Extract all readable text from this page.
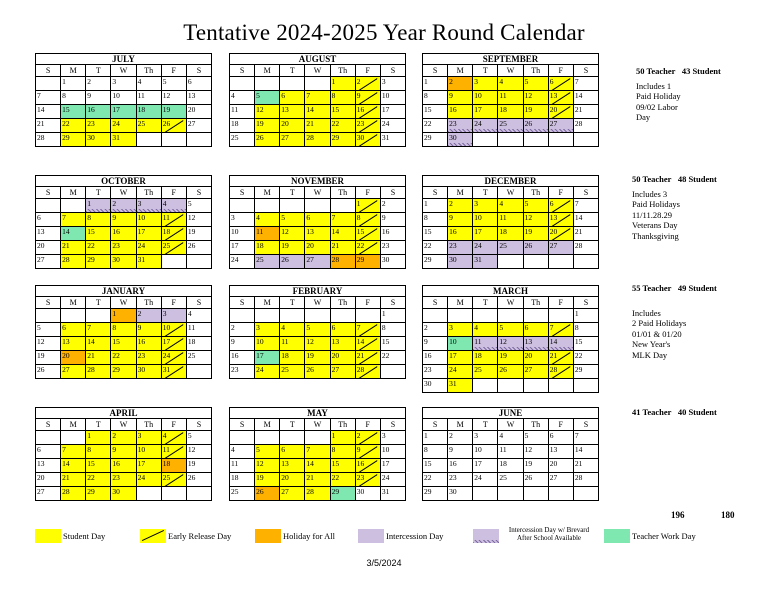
Tentative 2024-2025 Year Round Calendar
JULY
S	M	T	W	Th	F	S
	1	2	3	4	5	6
7	8	9	10	11	12	13
14	15	16	17	18	19	20
21	22	23	24	25	26	27
28	29	30	31			
AUGUST
S	M	T	W	Th	F	S
				1	2	3
4	5	6	7	8	9	10
11	12	13	14	15	16	17
18	19	20	21	22	23	24
25	26	27	28	29	30	31
SEPTEMBER
S	M	T	W	Th	F	S
1	2	3	4	5	6	7
8	9	10	11	12	13	14
15	16	17	18	19	20	21
22	23	24	25	26	27	28
29	30					
OCTOBER
S	M	T	W	Th	F	S
		1	2	3	4	5
6	7	8	9	10	11	12
13	14	15	16	17	18	19
20	21	22	23	24	25	26
27	28	29	30	31		
NOVEMBER
S	M	T	W	Th	F	S
					1	2
3	4	5	6	7	8	9
10	11	12	13	14	15	16
17	18	19	20	21	22	23
24	25	26	27	28	29	30
DECEMBER
S	M	T	W	Th	F	S
1	2	3	4	5	6	7
8	9	10	11	12	13	14
15	16	17	18	19	20	21
22	23	24	25	26	27	28
29	30	31				
JANUARY
S	M	T	W	Th	F	S
			1	2	3	4
5	6	7	8	9	10	11
12	13	14	15	16	17	18
19	20	21	22	23	24	25
26	27	28	29	30	31	
FEBRUARY
S	M	T	W	Th	F	S
						1
2	3	4	5	6	7	8
9	10	11	12	13	14	15
16	17	18	19	20	21	22
23	24	25	26	27	28	
MARCH
S	M	T	W	Th	F	S
						1
2	3	4	5	6	7	8
9	10	11	12	13	14	15
16	17	18	19	20	21	22
23	24	25	26	27	28	29
30	31					
APRIL
S	M	T	W	Th	F	S
		1	2	3	4	5
6	7	8	9	10	11	12
13	14	15	16	17	18	19
20	21	22	23	24	25	26
27	28	29	30			
MAY
S	M	T	W	Th	F	S
				1	2	3
4	5	6	7	8	9	10
11	12	13	14	15	16	17
18	19	20	21	22	23	24
25	26	27	28	29	30	31
JUNE
S	M	T	W	Th	F	S
1	2	3	4	5	6	7
8	9	10	11	12	13	14
15	16	17	18	19	20	21
22	23	24	25	26	27	28
29	30					
50 Teacher 43 Student
Includes 1
Paid Holiday
09/02 Labor
Day
50 Teacher 48 Student
Includes 3
Paid Holidays
11/11.28.29
Veterans Day
Thanksgiving
55 Teacher 49 Student
Includes
2 Paid Holidays
01/01 & 01/20
New Year's
MLK Day
41 Teacher 40 Student
196	180
Student Day	Early Release Day	Holiday for All	Intercession Day
Intercession Day w/ Brevard After School Available	Teacher Work Day
3/5/2024
